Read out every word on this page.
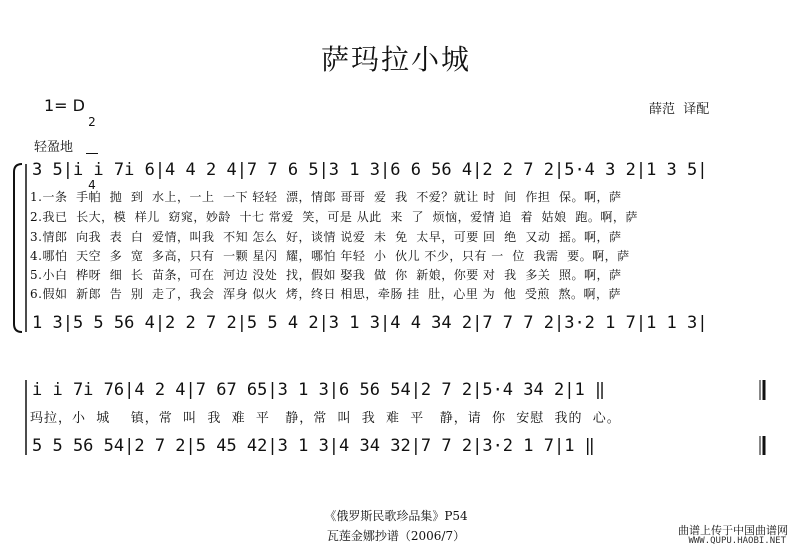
萨玛拉小城
1= D

2

4

薛范  译配
轻盈地
3 5|i i 7i 6|4 4 2 4|7 7 6 5|3 1 3|6 6 56 4|2 2 7 2|5·4 3 2|1 3 5|
1.一条  手帕  抛  到  水上，一上  一下 轻轻  漂，情郎 哥哥  爱  我  不爱？就让 时  间  作担  保。啊，萨
2.我已  长大，模  样儿  窈窕，妙龄  十七 常爱  笑，可是 从此  来  了  烦恼，爱情 追  着  姑娘  跑。啊，萨
3.情郎  向我  表  白  爱情，叫我  不知 怎么  好，谈情 说爱  未  免  太早，可要 回  绝  又动  摇。啊，萨
4.哪怕  天空  多  宽  多高，只有  一颗 星闪  耀，哪怕 年轻  小  伙儿 不少，只有 一  位  我需  要。啊，萨
5.小白  桦呀  细  长  苗条，可在  河边 没处  找，假如 娶我  做  你  新娘，你要 对  我  多关  照。啊，萨
6.假如  新郎  告  别  走了，我会  浑身 似火  烤，终日 相思，牵肠 挂  肚，心里 为  他  受煎  熬。啊，萨
1 3|5 5 56 4|2 2 7 2|5 5 4 2|3 1 3|4 4 34 2|7 7 7 2|3·2 1 7|1 1 3|
i i 7i 76|4 2 4|7 67 65|3 1 3|6 56 54|2 7 2|5·4 34 2|1 ‖
玛拉，小  城    镇，常  叫  我  难  平   静，常  叫  我  难  平   静，请  你  安慰  我的  心。
5 5 56 54|2 7 2|5 45 42|3 1 3|4 34 32|7 7 2|3·2 1 7|1 ‖
《俄罗斯民歌珍品集》P54
瓦莲金娜抄谱（2006/7）	曲谱上传于中国曲谱网
WWW.QUPU.HAOBI.NET
